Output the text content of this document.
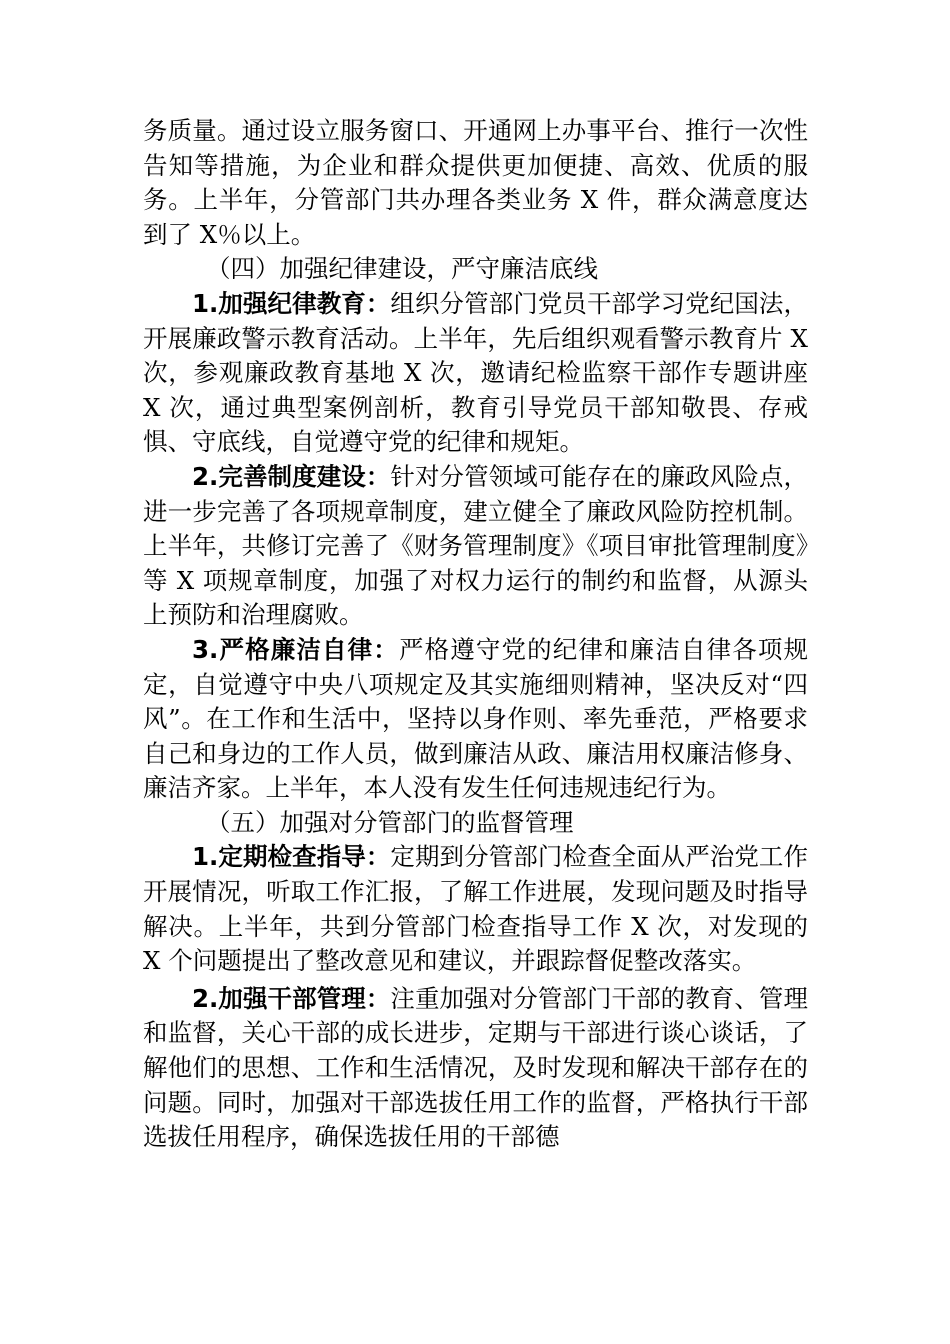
务质量。通过设立服务窗口、开通网上办事平台、推行一次性告知等措施，为企业和群众提供更加便捷、高效、优质的服务。上半年，分管部门共办理各类业务 X 件，群众满意度达到了 X％以上。

（四）加强纪律建设，严守廉洁底线

1.加强纪律教育：组织分管部门党员干部学习党纪国法，开展廉政警示教育活动。上半年，先后组织观看警示教育片 X 次，参观廉政教育基地 X 次，邀请纪检监察干部作专题讲座 X 次，通过典型案例剖析，教育引导党员干部知敬畏、存戒惧、守底线，自觉遵守党的纪律和规矩。

2.完善制度建设：针对分管领域可能存在的廉政风险点，进一步完善了各项规章制度，建立健全了廉政风险防控机制。上半年，共修订完善了《财务管理制度》《项目审批管理制度》等 X 项规章制度，加强了对权力运行的制约和监督，从源头上预防和治理腐败。

3.严格廉洁自律：严格遵守党的纪律和廉洁自律各项规定，自觉遵守中央八项规定及其实施细则精神，坚决反对“四风”。在工作和生活中，坚持以身作则、率先垂范，严格要求自己和身边的工作人员，做到廉洁从政、廉洁用权廉洁修身、廉洁齐家。上半年，本人没有发生任何违规违纪行为。

（五）加强对分管部门的监督管理

1.定期检查指导：定期到分管部门检查全面从严治党工作开展情况，听取工作汇报，了解工作进展，发现问题及时指导解决。上半年，共到分管部门检查指导工作 X 次，对发现的 X 个问题提出了整改意见和建议，并跟踪督促整改落实。

2.加强干部管理：注重加强对分管部门干部的教育、管理和监督，关心干部的成长进步，定期与干部进行谈心谈话，了解他们的思想、工作和生活情况，及时发现和解决干部存在的问题。同时，加强对干部选拔任用工作的监督，严格执行干部选拔任用程序，确保选拔任用的干部德
